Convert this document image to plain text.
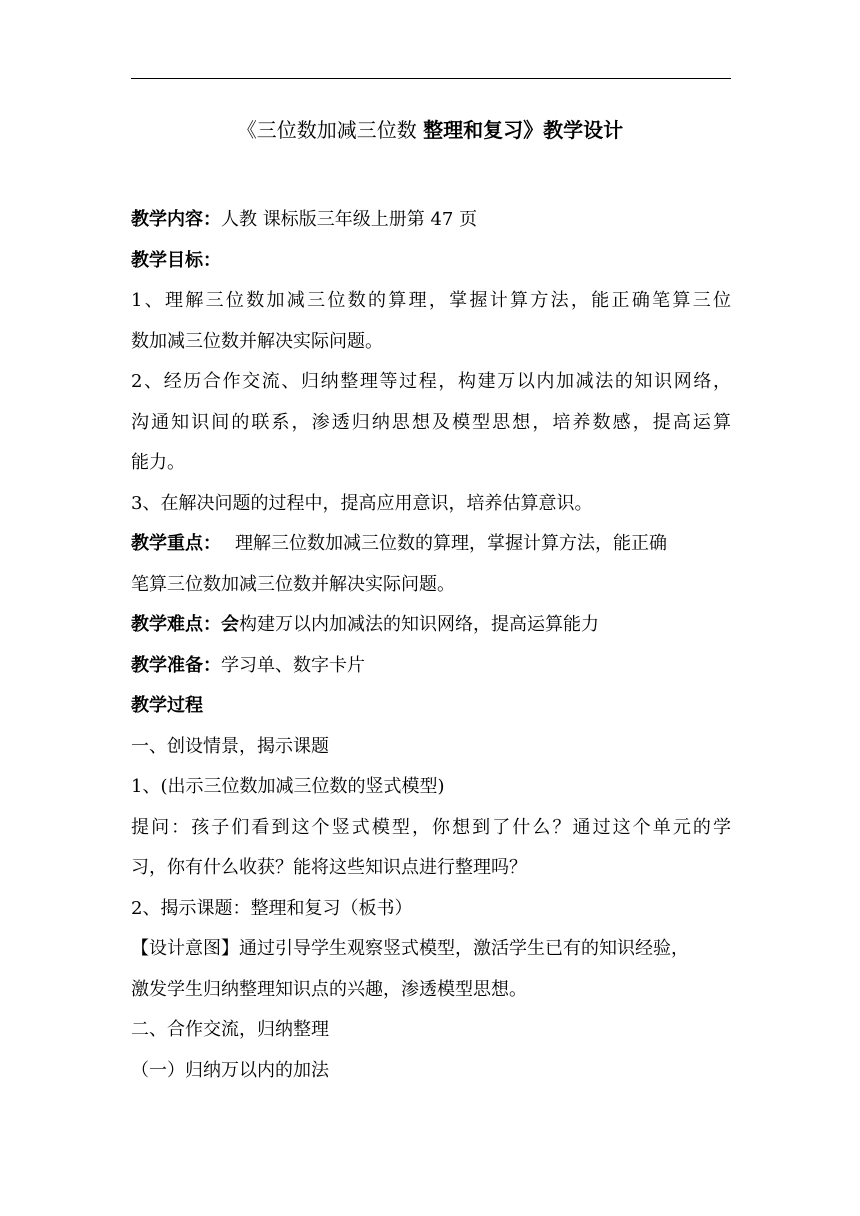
《三位数加减三位数 整理和复习》教学设计
教学内容：人教 课标版三年级上册第 47 页
教学目标：
1、理解三位数加减三位数的算理，掌握计算方法，能正确笔算三位
数加减三位数并解决实际问题。
2、经历合作交流、归纳整理等过程，构建万以内加减法的知识网络，
沟通知识间的联系，渗透归纳思想及模型思想，培养数感，提高运算
能力。
3、在解决问题的过程中，提高应用意识，培养估算意识。
教学重点： 理解三位数加减三位数的算理，掌握计算方法，能正确
笔算三位数加减三位数并解决实际问题。
教学难点：会构建万以内加减法的知识网络，提高运算能力
教学准备：学习单、数字卡片
教学过程
一、创设情景，揭示课题
1、(出示三位数加减三位数的竖式模型)
提问：孩子们看到这个竖式模型，你想到了什么？通过这个单元的学
习，你有什么收获？能将这些知识点进行整理吗？
2、揭示课题：整理和复习（板书）
【设计意图】通过引导学生观察竖式模型，激活学生已有的知识经验，
激发学生归纳整理知识点的兴趣，渗透模型思想。
二、合作交流，归纳整理
（一）归纳万以内的加法
